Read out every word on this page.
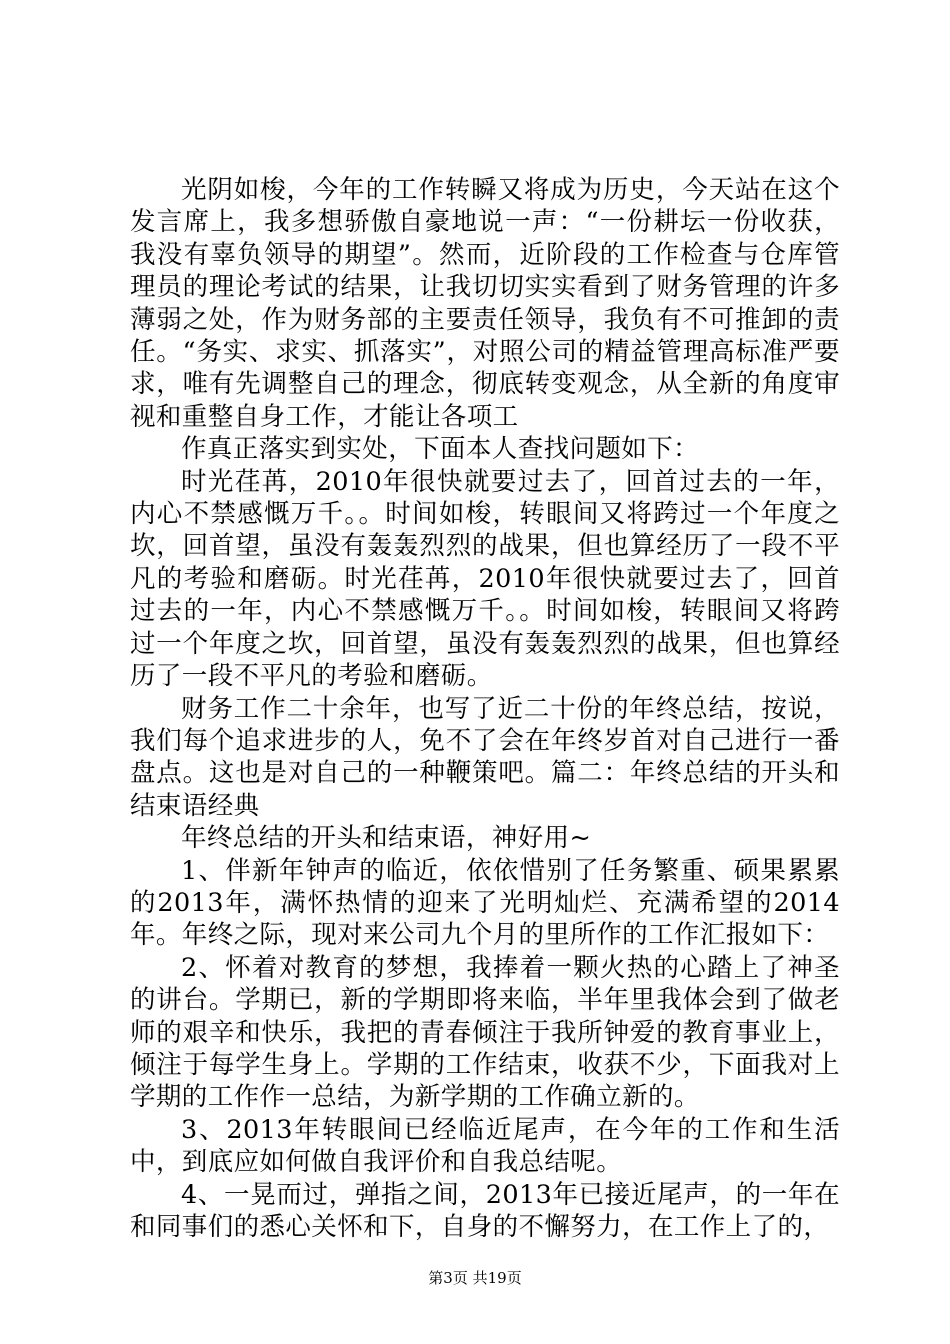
光阴如梭，今年的工作转瞬又将成为历史，今天站在这个发言席上，我多想骄傲自豪地说一声：“一份耕坛一份收获，我没有辜负领导的期望”。然而，近阶段的工作检查与仓库管理员的理论考试的结果，让我切切实实看到了财务管理的许多薄弱之处，作为财务部的主要责任领导，我负有不可推卸的责任。“务实、求实、抓落实”，对照公司的精益管理高标准严要求，唯有先调整自己的理念，彻底转变观念，从全新的角度审视和重整自身工作，才能让各项工

作真正落实到实处，下面本人查找问题如下：

时光荏苒，2010年很快就要过去了，回首过去的一年，内心不禁感慨万千。。时间如梭，转眼间又将跨过一个年度之坎，回首望，虽没有轰轰烈烈的战果，但也算经历了一段不平凡的考验和磨砺。时光荏苒，2010年很快就要过去了，回首过去的一年，内心不禁感慨万千。。时间如梭，转眼间又将跨过一个年度之坎，回首望，虽没有轰轰烈烈的战果，但也算经历了一段不平凡的考验和磨砺。

财务工作二十余年，也写了近二十份的年终总结，按说，我们每个追求进步的人，免不了会在年终岁首对自己进行一番盘点。这也是对自己的一种鞭策吧。篇二：年终总结的开头和结束语经典

年终总结的开头和结束语，神好用~

1、伴新年钟声的临近，依依惜别了任务繁重、硕果累累的2013年，满怀热情的迎来了光明灿烂、充满希望的2014年。年终之际，现对来公司九个月的里所作的工作汇报如下：

2、怀着对教育的梦想，我捧着一颗火热的心踏上了神圣的讲台。学期已，新的学期即将来临，半年里我体会到了做老师的艰辛和快乐，我把的青春倾注于我所钟爱的教育事业上，倾注于每学生身上。学期的工作结束，收获不少，下面我对上学期的工作作一总结，为新学期的工作确立新的。

3、2013年转眼间已经临近尾声，在今年的工作和生活中，到底应如何做自我评价和自我总结呢。

4、一晃而过，弹指之间，2013年已接近尾声，的一年在和同事们的悉心关怀和下，自身的不懈努力，在工作上了的，

第3页 共19页
